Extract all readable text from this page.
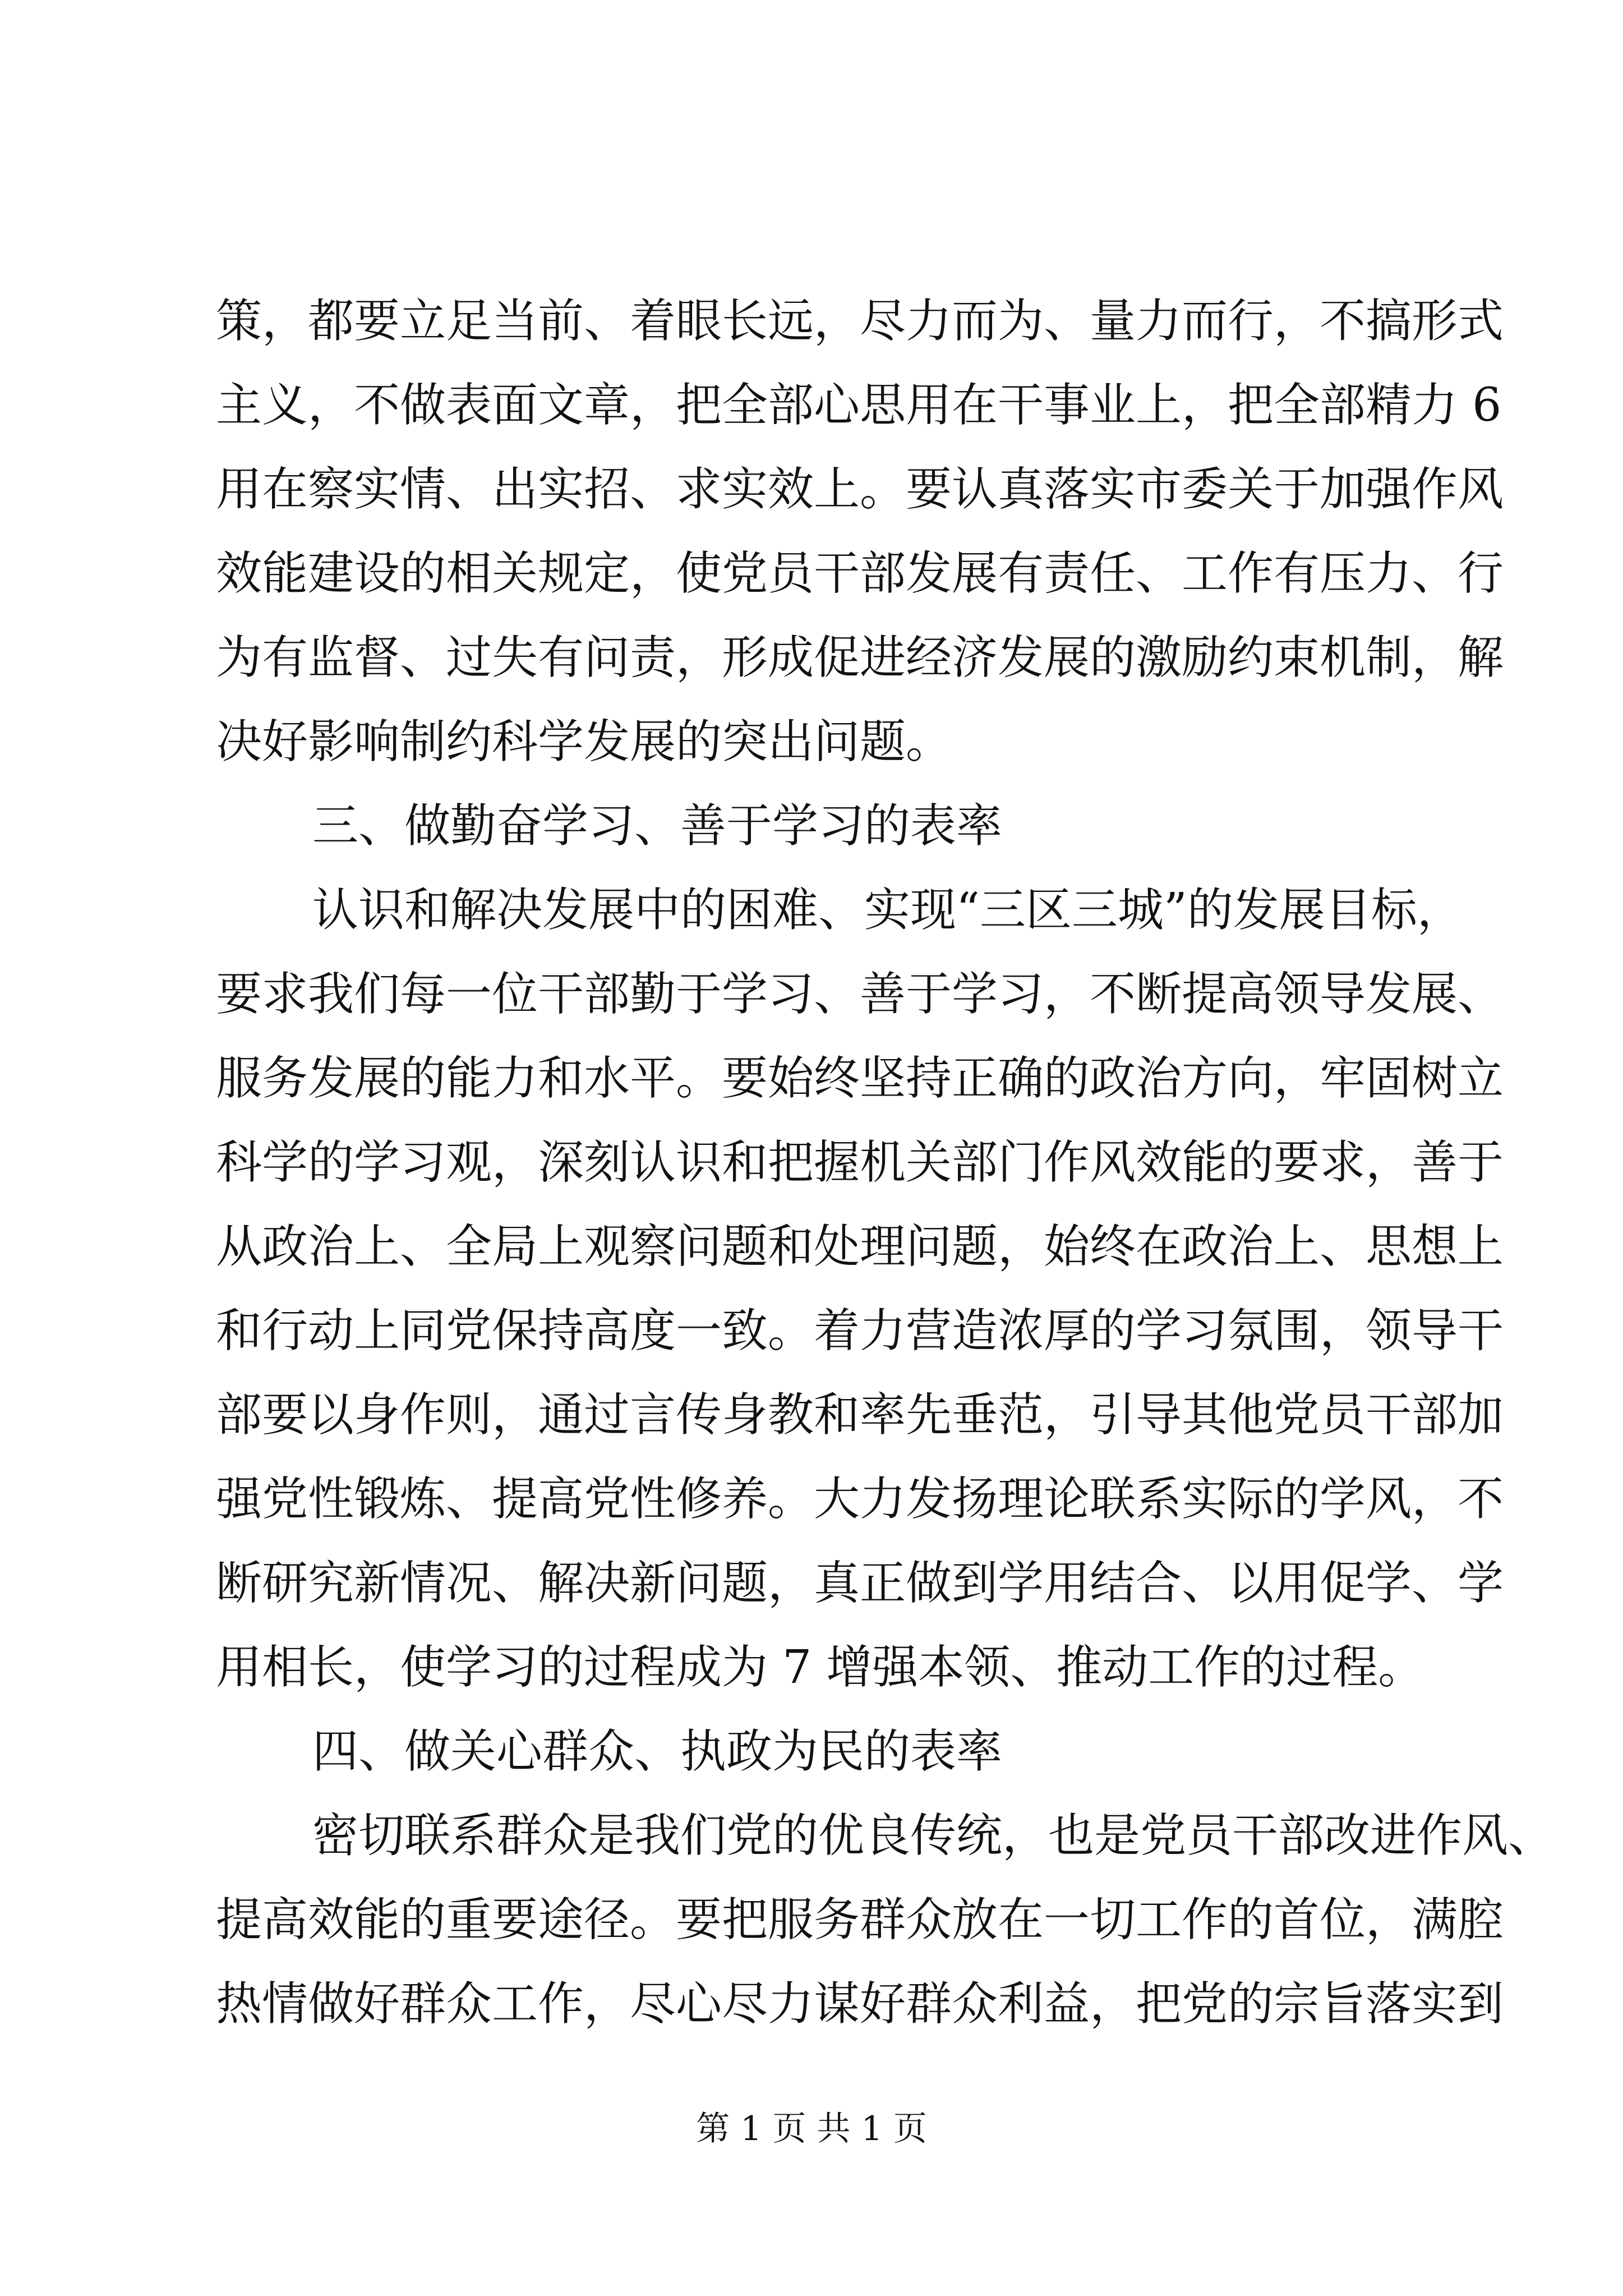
策，都要立足当前、着眼长远，尽力而为、量力而行，不搞形式
主义，不做表面文章，把全部心思用在干事业上，把全部精力 6
用在察实情、出实招、求实效上。要认真落实市委关于加强作风
效能建设的相关规定，使党员干部发展有责任、工作有压力、行
为有监督、过失有问责，形成促进经济发展的激励约束机制，解
决好影响制约科学发展的突出问题。
三、做勤奋学习、善于学习的表率
认识和解决发展中的困难、实现“三区三城”的发展目标，
要求我们每一位干部勤于学习、善于学习，不断提高领导发展、
服务发展的能力和水平。要始终坚持正确的政治方向，牢固树立
科学的学习观，深刻认识和把握机关部门作风效能的要求，善于
从政治上、全局上观察问题和处理问题，始终在政治上、思想上
和行动上同党保持高度一致。着力营造浓厚的学习氛围，领导干
部要以身作则，通过言传身教和率先垂范，引导其他党员干部加
强党性锻炼、提高党性修养。大力发扬理论联系实际的学风，不
断研究新情况、解决新问题，真正做到学用结合、以用促学、学
用相长，使学习的过程成为 7 增强本领、推动工作的过程。
四、做关心群众、执政为民的表率
密切联系群众是我们党的优良传统，也是党员干部改进作风、
提高效能的重要途径。要把服务群众放在一切工作的首位，满腔
热情做好群众工作，尽心尽力谋好群众利益，把党的宗旨落实到
第 1 页 共 1 页
